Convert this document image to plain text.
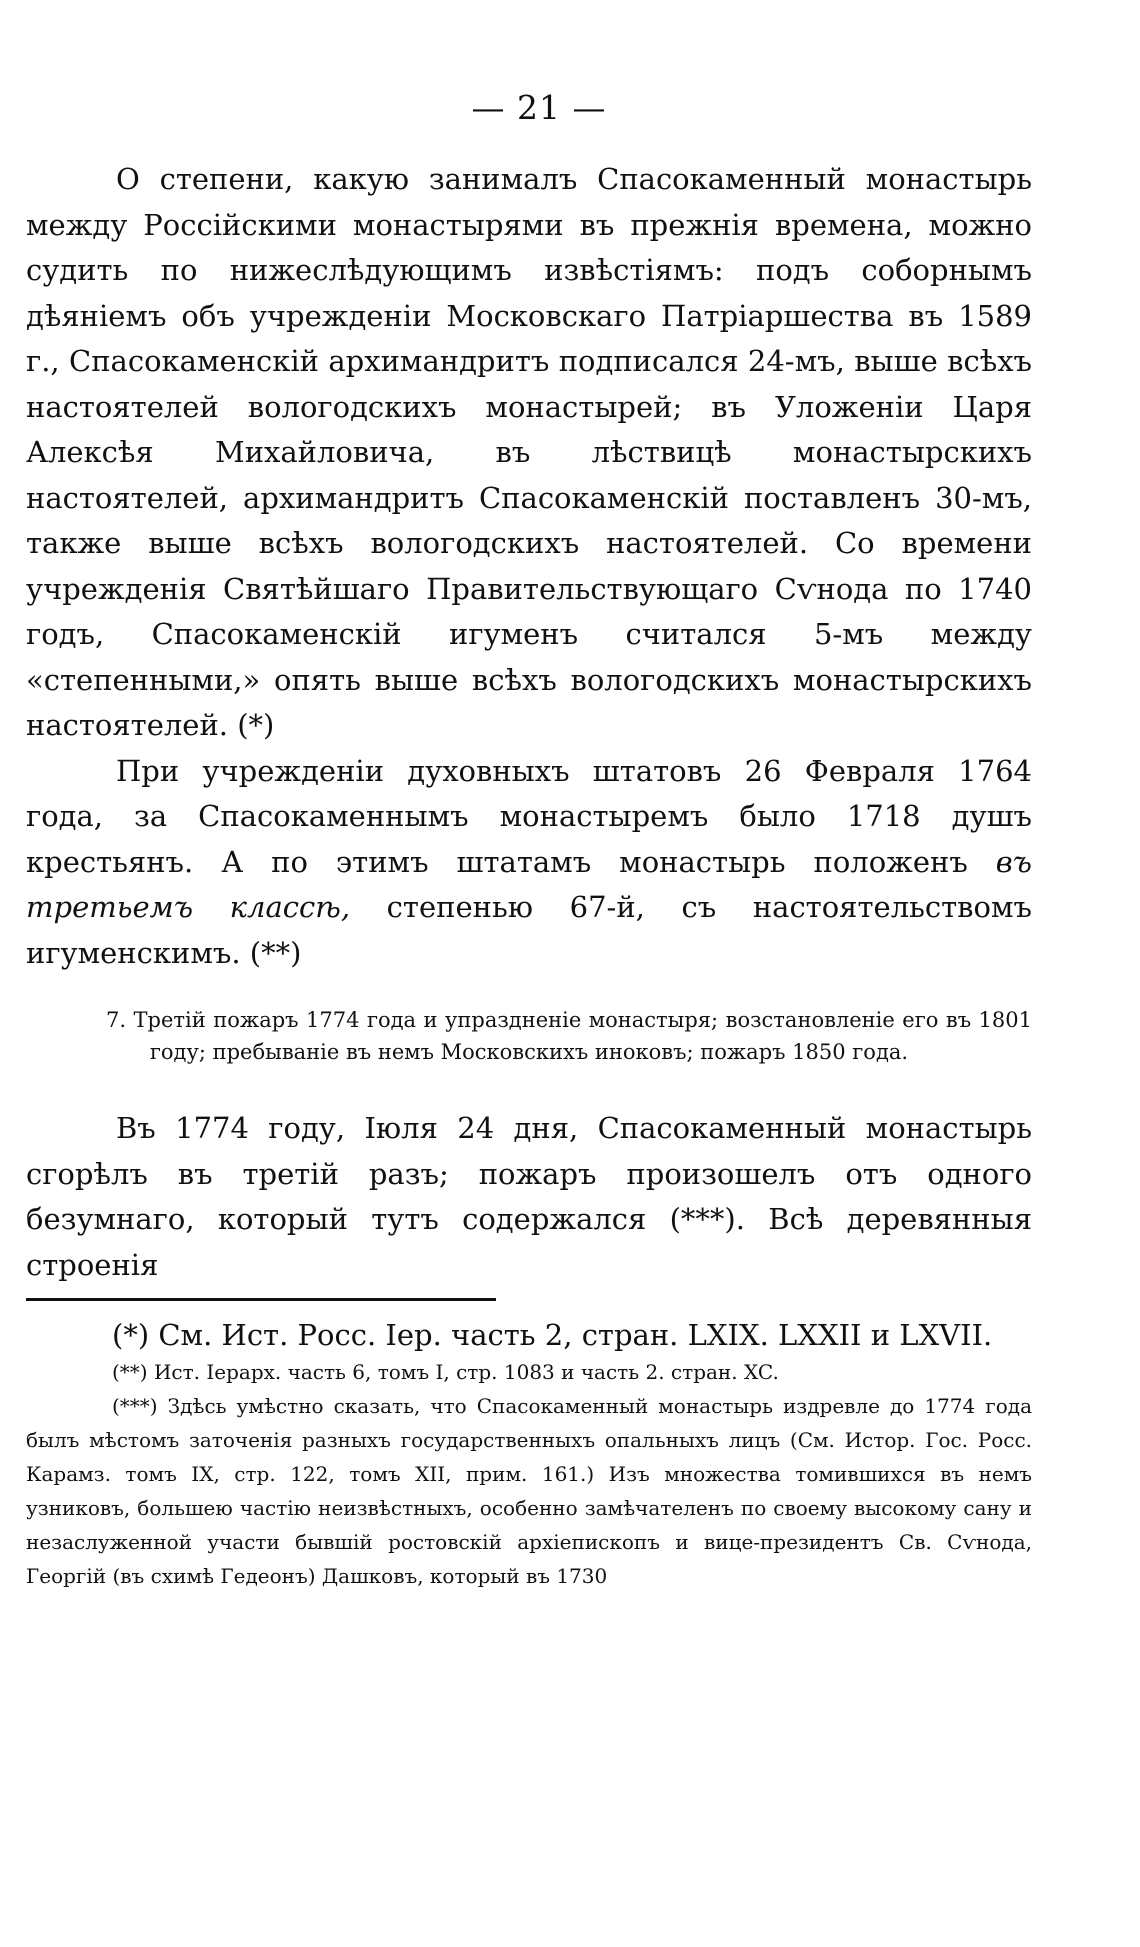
— 21 —

О степени, какую занималъ Спасокаменный монастырь между Россійскими монастырями въ прежнія времена, можно судить по нижеслѣдующимъ извѣстіямъ: подъ соборнымъ дѣяніемъ объ учрежденіи Московскаго Патріаршества въ 1589 г., Спасокаменскій архимандритъ подписался 24-мъ, выше всѣхъ настоятелей вологодскихъ монастырей; въ Уложеніи Царя Алексѣя Михайловича, въ лѣствицѣ монастырскихъ настоятелей, архимандритъ Спасокаменскій поставленъ 30-мъ, также выше всѣхъ вологодскихъ настоятелей. Со времени учрежденія Святѣйшаго Правительствующаго Сѵнода по 1740 годъ, Спасокаменскій игуменъ считался 5-мъ между «степенными,» опять выше всѣхъ вологодскихъ монастырскихъ настоятелей. (*)

При учрежденіи духовныхъ штатовъ 26 Февраля 1764 года, за Спасокаменнымъ монастыремъ было 1718 душъ крестьянъ. А по этимъ штатамъ монастырь положенъ въ третьемъ классѣ, степенью 67-й, съ настоятельствомъ игуменскимъ. (**)

7. Третій пожаръ 1774 года и упраздненіе монастыря; возстановленіе его въ 1801 году; пребываніе въ немъ Московскихъ иноковъ; пожаръ 1850 года.

Въ 1774 году, Іюля 24 дня, Спасокаменный монастырь сгорѣлъ въ третій разъ; пожаръ произошелъ отъ одного безумнаго, который тутъ содержался (***). Всѣ деревянныя строенія

(*) См. Ист. Росс. Іер. часть 2, стран. LXIX. LXXII и LXVII.

(**) Ист. Іерарх. часть 6, томъ I, стр. 1083 и часть 2. стран. XC.

(***) Здѣсь умѣстно сказать, что Спасокаменный монастырь издревле до 1774 года былъ мѣстомъ заточенія разныхъ государственныхъ опальныхъ лицъ (См. Истор. Гос. Росс. Карамз. томъ IX, стр. 122, томъ XII, прим. 161.) Изъ множества томившихся въ немъ узниковъ, большею частію неизвѣстныхъ, особенно замѣчателенъ по своему высокому сану и незаслуженной участи бывшій ростовскій архіепископъ и вице-президентъ Св. Сѵнода, Георгій (въ схимѣ Гедеонъ) Дашковъ, который въ 1730
